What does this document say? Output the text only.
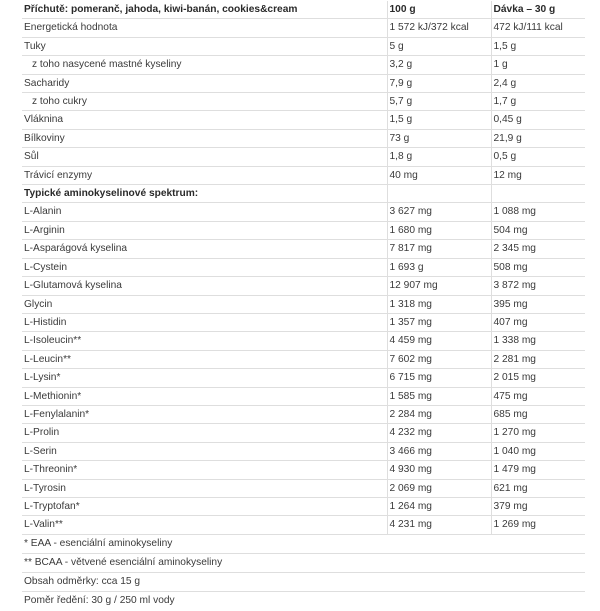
Příchutě: pomeranč, jahoda, kiwi-banán, cookies&cream	100 g	Dávka – 30 g
Energetická hodnota	1 572 kJ/372 kcal	472 kJ/111 kcal
Tuky	5 g	1,5 g
z toho nasycené mastné kyseliny	3,2 g	1 g
Sacharidy	7,9 g	2,4 g
z toho cukry	5,7 g	1,7 g
Vláknina	1,5 g	0,45 g
Bílkoviny	73 g	21,9 g
Sůl	1,8 g	0,5 g
Trávicí enzymy	40 mg	12 mg
Typické aminokyselinové spektrum:		
L-Alanin	3 627 mg	1 088 mg
L-Arginin	1 680 mg	504 mg
L-Asparágová kyselina	7 817 mg	2 345 mg
L-Cystein	1 693 g	508 mg
L-Glutamová kyselina	12 907 mg	3 872 mg
Glycin	1 318 mg	395 mg
L-Histidin	1 357 mg	407 mg
L-Isoleucin**	4 459 mg	1 338 mg
L-Leucin**	7 602 mg	2 281 mg
L-Lysin*	6 715 mg	2 015 mg
L-Methionin*	1 585 mg	475 mg
L-Fenylalanin*	2 284 mg	685 mg
L-Prolin	4 232 mg	1 270 mg
L-Serin	3 466 mg	1 040 mg
L-Threonin*	4 930 mg	1 479 mg
L-Tyrosin	2 069 mg	621 mg
L-Tryptofan*	1 264 mg	379 mg
L-Valin**	4 231 mg	1 269 mg
* EAA - esenciální aminokyseliny
** BCAA - větvené esenciální aminokyseliny
Obsah odměrky: cca 15 g
Poměr ředění: 30 g / 250 ml vody
